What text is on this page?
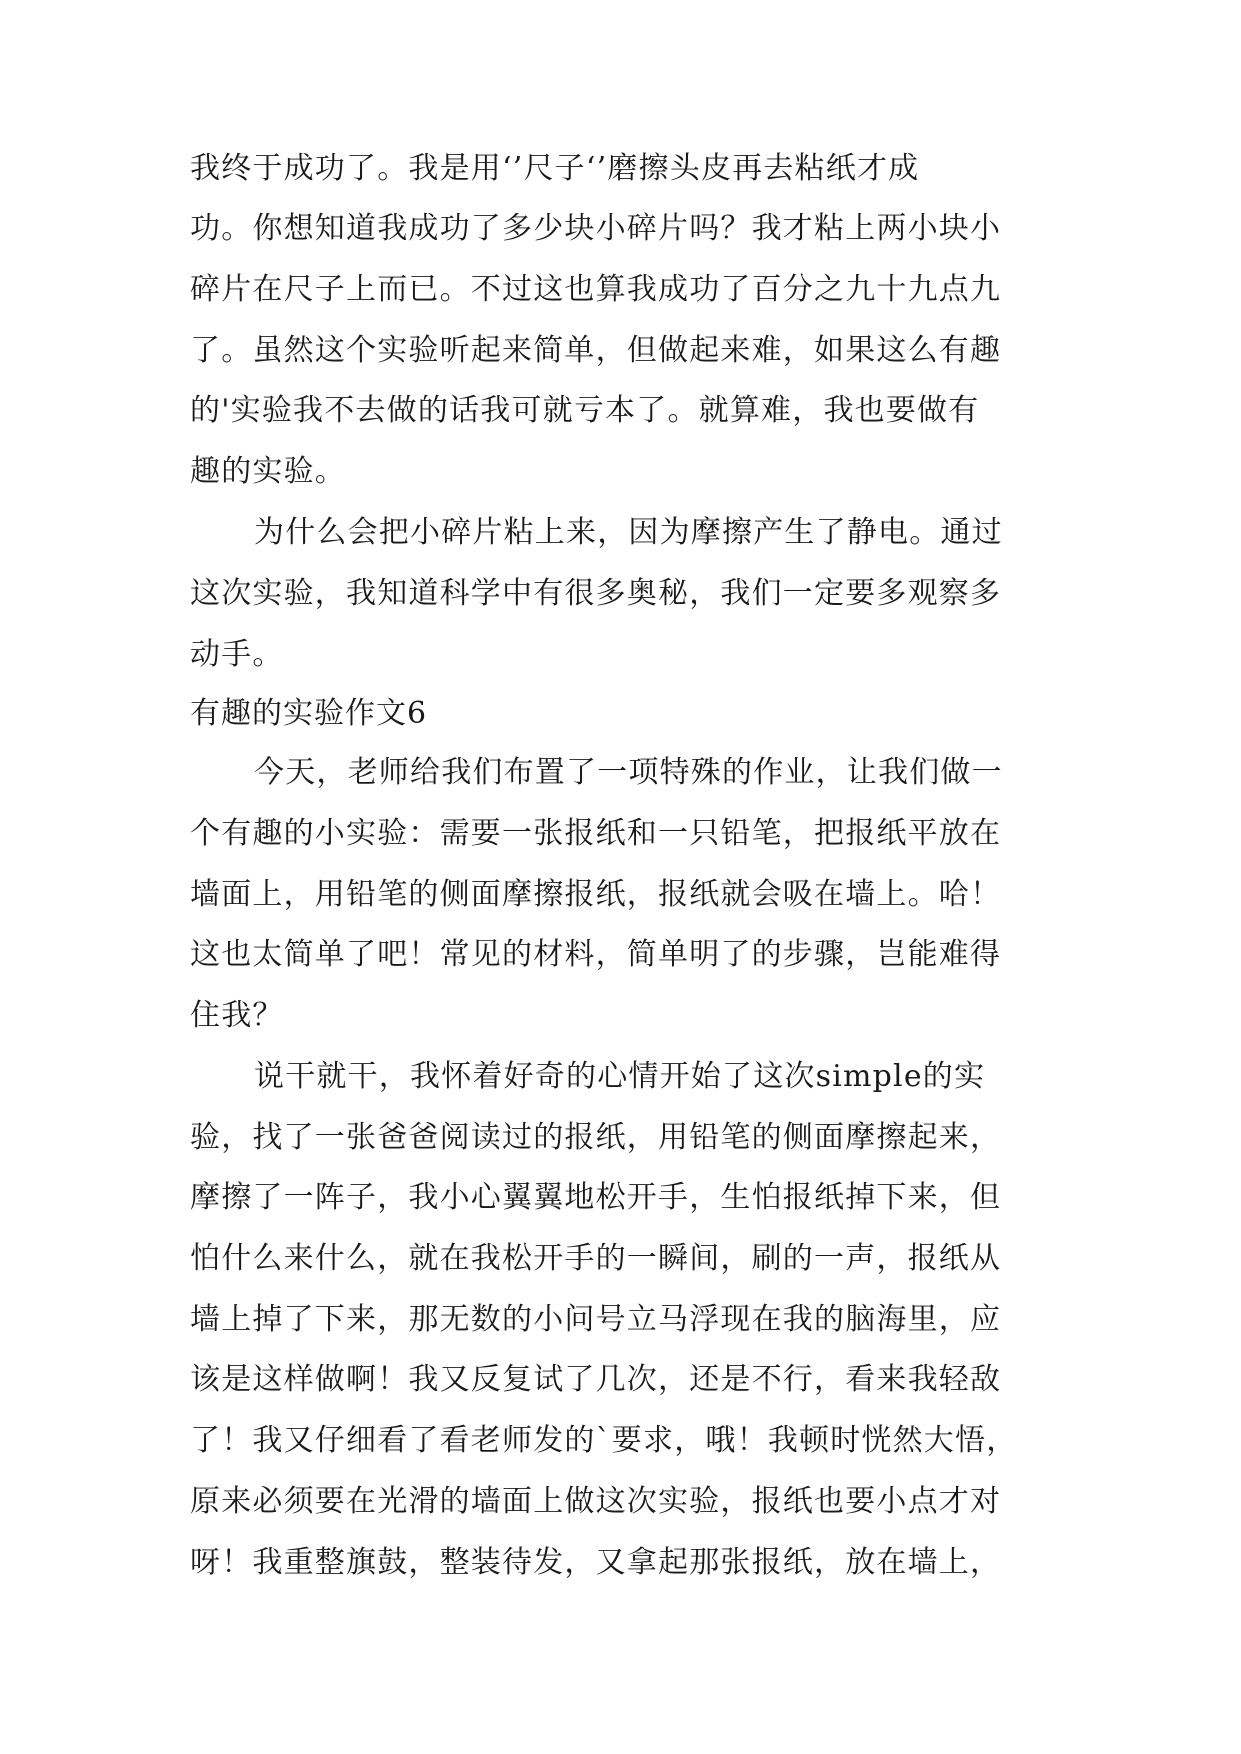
我终于成功了。我是用‘’尺子‘’磨擦头皮再去粘纸才成
功。你想知道我成功了多少块小碎片吗？我才粘上两小块小
碎片在尺子上而已。不过这也算我成功了百分之九十九点九
了。虽然这个实验听起来简单，但做起来难，如果这么有趣
的'实验我不去做的话我可就亏本了。就算难，我也要做有
趣的实验。
为什么会把小碎片粘上来，因为摩擦产生了静电。通过
这次实验，我知道科学中有很多奥秘，我们一定要多观察多
动手。
有趣的实验作文6
今天，老师给我们布置了一项特殊的作业，让我们做一
个有趣的小实验：需要一张报纸和一只铅笔，把报纸平放在
墙面上，用铅笔的侧面摩擦报纸，报纸就会吸在墙上。哈！
这也太简单了吧！常见的材料，简单明了的步骤，岂能难得
住我？
说干就干，我怀着好奇的心情开始了这次simple的实
验，找了一张爸爸阅读过的报纸，用铅笔的侧面摩擦起来，
摩擦了一阵子，我小心翼翼地松开手，生怕报纸掉下来，但
怕什么来什么，就在我松开手的一瞬间，刷的一声，报纸从
墙上掉了下来，那无数的小问号立马浮现在我的脑海里，应
该是这样做啊！我又反复试了几次，还是不行，看来我轻敌
了！我又仔细看了看老师发的`要求，哦！我顿时恍然大悟，
原来必须要在光滑的墙面上做这次实验，报纸也要小点才对
呀！我重整旗鼓，整装待发，又拿起那张报纸，放在墙上，
